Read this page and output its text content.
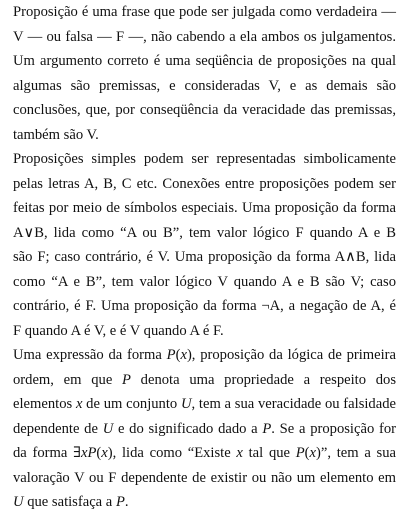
Proposição é uma frase que pode ser julgada como verdadeira —
V — ou falsa — F —, não cabendo a ela ambos os julgamentos.
Um argumento correto é uma seqüência de proposições na qual
algumas são premissas, e consideradas V, e as demais são
conclusões, que, por conseqüência da veracidade das premissas,
também são V.
Proposições simples podem ser representadas simbolicamente
pelas letras A, B, C etc. Conexões entre proposições podem ser
feitas por meio de símbolos especiais. Uma proposição da forma
A∨B, lida como “A ou B”, tem valor lógico F quando A e B
são F; caso contrário, é V. Uma proposição da forma A∧B, lida
como “A e B”, tem valor lógico V quando A e B são V; caso
contrário, é F. Uma proposição da forma ¬A, a negação de A, é
F quando A é V, e é V quando A é F.
Uma expressão da forma P(x), proposição da lógica de primeira
ordem, em que P denota uma propriedade a respeito dos
elementos x de um conjunto U, tem a sua veracidade ou falsidade
dependente de U e do significado dado a P. Se a proposição for
da forma ∃xP(x), lida como “Existe x tal que P(x)”, tem a sua
valoração V ou F dependente de existir ou não um elemento em
U que satisfaça a P.
